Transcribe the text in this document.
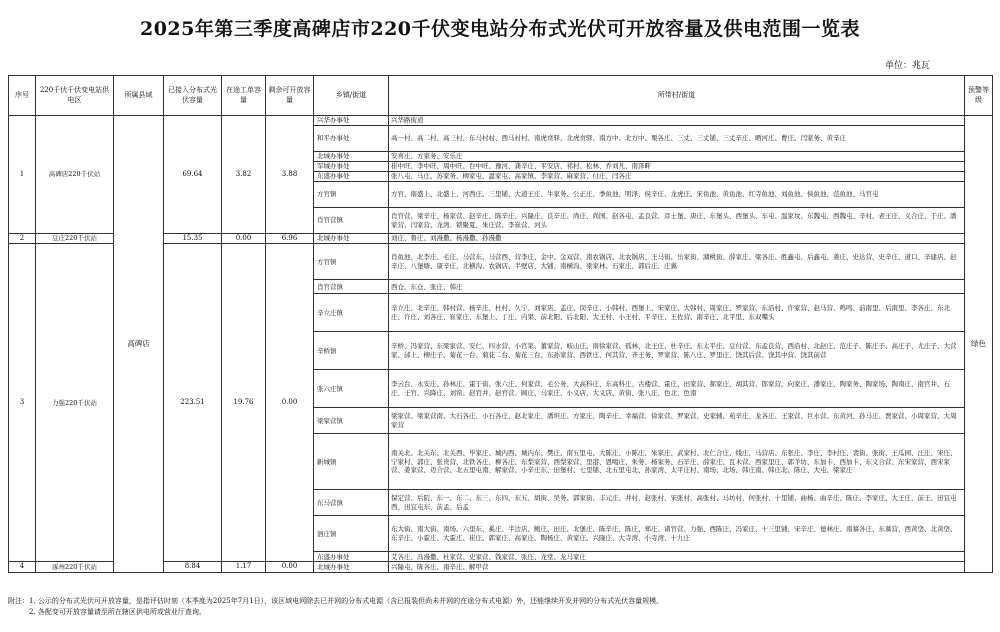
2025年第三季度高碑店市220千伏变电站分布式光伏可开放容量及供电范围一览表
单位：兆瓦
序号	220千伏千伏变电站供电区	所属县域	已接入分布式光伏容量	在途工单容量	剩余可开放容量	乡镇/街道	所带村/街道	预警等级
1	高碑店220千伏站	高碑店	69.64	3.82	3.88	兴华办事处	兴华路街道	绿色
						和平办事处	高一村、高二村、高三村、东马村村、西马村村、南虎贲驿、北虎贲驿、南方中、北方中、栗各庄、三丈、三丈铺、三丈辛庄、晒河庄、曹庄、闫家务、黄辛庄	
						北城办事处	安喜庄、方家务、安乐庄	
						军城办事处	崔中旺、李中旺、周中旺、台中旺、豫河、龚辛庄、平安店、祁村、松林、乔刘凡、南泽畔	
						东盛办事处	张八屯、马庄、苏家务、柳家屯、温家屯、高家镇、李家营、麻家营、付庄、闫各庄	
						方官镇	方官、南盛上、北盛上、河西庄、三里铺、大道王庄、牛家务、公正庄、季鱼池、明泽、侯辛庄、龙虎庄、宋鱼池、黄鱼池、红寺鱼池、刘鱼池、侯鱼池、范鱼池、马官屯	
						肖官营镇	肖官营、梁辛庄、杨家营、赵辛庄、陈辛庄、兴隆庄、良辛庄、尚庄、尚国、赵各屯、孟良营、彦士堡、唐庄、东堡头、西堡头、车屯、温家坟、东魏屯、西魏屯、辛村、老王庄、义合庄、于庄、潘家营、闫家营、龙湾、锁聚夏、朱庄营、李崔营、河头	
2	豆庄220千伏站		15.35	0.00	6.96	北城办事处	刘庄、鲁庄、刘漫撒、杨漫撒、孙漫撒	
3	力强220千伏站		223.51	19.76	0.00	方官镇	肖鱼池、北李庄、毛庄、马营东、马营西、营李庄、金中、金双营、南农锅店、北农锅店、王马街、岳家街、湖桃街、薛家庄、梁各庄、胜鑫屯、后鑫屯、姜庄、史达营、史辛庄、道口、辛建店、赵辛庄、八堡塘、康辛庄、北横沟、农锅店、半壁店、大铺、南横沟、梁家林、石家庄、郭后庄、庄翼	
						肖官营镇	西仓、东仓、张庄、韩庄	
						辛立庄镇	辛立庄、北辛庄、韩村营、杨辛庄、杜村、久宁、刘家店、孟庄、闵辛庄、小韩村、西堡上、宋家庄、大韩村、周家庄、罗家营、东沿村、许家营、赵马营、鸣鸣、前南里、后南里、李各庄、东北庄、许庄、刘各庄、崔家庄、东堡上、丁庄、内果、前北阳、后北阳、大王村、小王村、平辛庄、王佐营、南辛庄、北平里、东双嘴头	
						辛桥镇	辛桥、冯家营、东梁家营、安仁、四水营、小官家、董家营、岐山庄、南徐家营、孤林、北王庄、杜辛庄、东太平庄、豆付营、东孟良营、西沿村、北赵庄、范庄子、陈庄子、高庄子、尤庄子、大营家、邰上、柳庄子、菊花一台、菊花二台、菊花三台、东孙家营、西铁庄、何其营、齐王务、罗家营、陈八庄、罗里庄、饶其后营、饶其中营、饶其前营	
						张六庄镇	李云台、永安庄、孙林庄、霍于街、张六庄、何家营、毛公务、大高科庄、东高科庄、古楼营、霍庄、田家营、郝家庄、胡其营、郎家营、向家庄、潘家庄、陶家务、陶家场、陶南庄、南官井、石庄、王官、兴降庄、刘窑、赵官井、赵官营、顾庄、马家庄、小义店、大义店、黄街、张八庄、色北、色南	
						梁家营镇	梁家营、梁家营南、大石各庄、小石各庄、赵北家庄、潘坦庄、方家庄、陶辛庄、幸福营、徐家营、罗家营、史家辅、苑辛庄、龙各庄、王家营、巨水营、东黄河、孙马庄、贾家营、小周家营、大周家营	
						新城镇	南关北、北关东、北关西、毕家庄、城内西、城内东、樊庄、南五里屯、大陈庄、小陈庄、朱家庄、武家村、北仁合庄、线庄、马营店、东张庄、李庄、李村庄、裴街、张街、王瓜园、汪庄、宋庄、宁家村、郭庄、张贵营、北铁各庄、柳各庄、东梨家营、西梨家营、里港、恩喝庄、朱务、杨家务、石辛庄、薛家庄、瓦术营、西家里庄、郭羊坊、东加卡、西加卡、东义合营、东宋家营、西宋家营、姜家营、迈合营、北五里屯南、解家营、小辛庄东、田堡村、七里铺、北五里屯北、孙家湾、太平庄村、南场、北场、韩庄南、韩庄北、陈庄、大屯、梁家庄	
						东马营镇	保定营、后院、东一、东二、东三、东四、东五、胡街、吴务、郭家街、丰元庄、井村、赵张村、宋张村、高张村、马坊村、何张村、十里铺、曲杨、曲辛庄、陈庄、李家庄、大王庄、前王、田宜屯西、田宜屯东、前孟、后孟	
						泗庄镇	东大街、南大街、南场、六里东、奚庄、半边店、鲍庄、田庄、北堡庄、陈辛庄、陈庄、郑庄、诸官营、力强、西陈庄、冯家庄、十三里铺、宋辛庄、德林庄、南慕各庄、东慕营、西黄垡、北黄垡、东辛庄、小霍庄、大霍庄、崔庄、郭家庄、高家庄、陶杨庄、黄家庄、兴隆庄、大寺湾、小寺湾、十九庄	
						东盛办事处	艾各庄、冯漫撒、杜家营、史家营、钱家营、张庄、龙堂、龙马家庄	
4	涿州220千伏站		8.84	1.17	0.00	北城办事处	兴隆屯、陈各庄、南辛庄、解甲营	
附注：1. 公示的分布式光伏可开放容量，是指评估时刻（本季度为2025年7月1日），该区域电网除去已并网的分布式电源（含已报装但尚未并网的在途分布式电源）外，还能继续开发并网的分布式光伏容量规模。
2. 各配变可开放容量请至所在辖区供电所或营业厅查询。
